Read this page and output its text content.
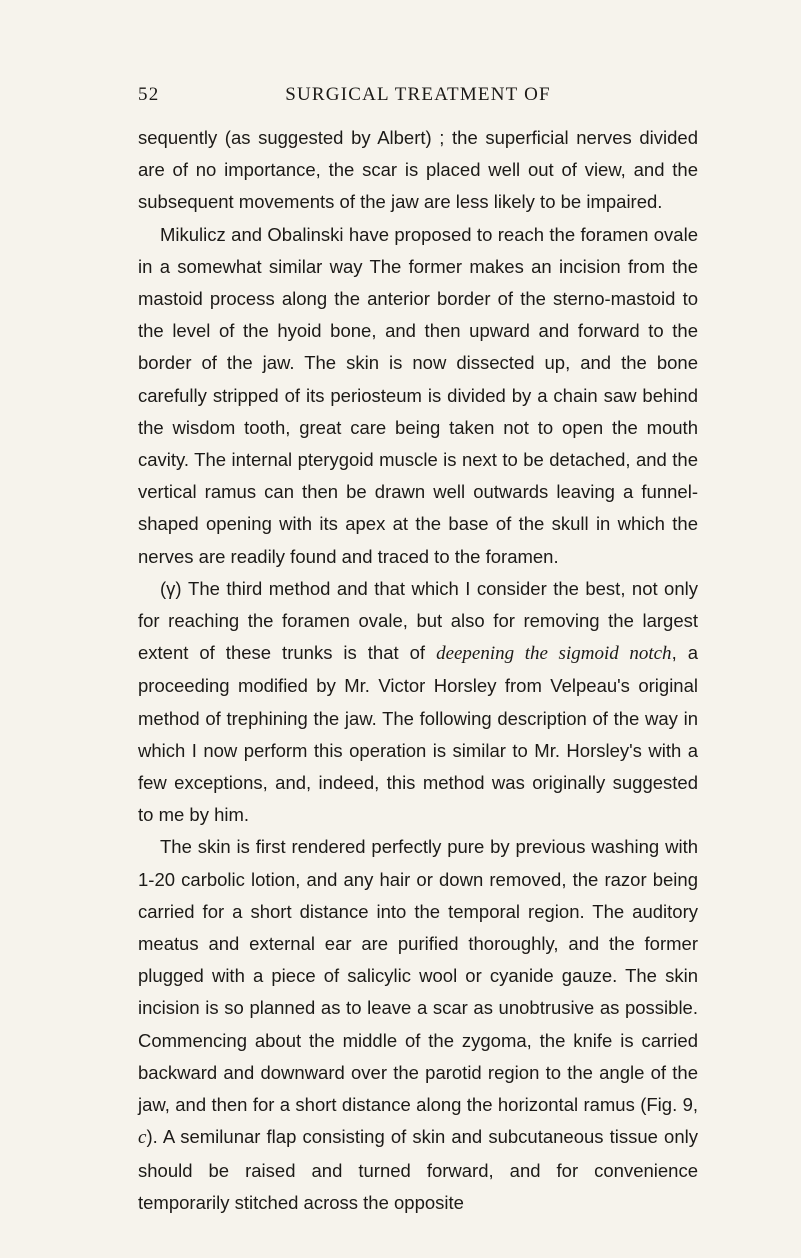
52	SURGICAL TREATMENT OF

sequently (as suggested by Albert) ; the superficial nerves divided are of no importance, the scar is placed well out of view, and the subsequent movements of the jaw are less likely to be impaired.

Mikulicz and Obalinski have proposed to reach the foramen ovale in a somewhat similar way The former makes an incision from the mastoid process along the anterior border of the sterno-mastoid to the level of the hyoid bone, and then upward and forward to the border of the jaw. The skin is now dissected up, and the bone carefully stripped of its periosteum is divided by a chain saw behind the wisdom tooth, great care being taken not to open the mouth cavity. The internal pterygoid muscle is next to be detached, and the vertical ramus can then be drawn well outwards leaving a funnel-shaped opening with its apex at the base of the skull in which the nerves are readily found and traced to the foramen.

(γ) The third method and that which I consider the best, not only for reaching the foramen ovale, but also for removing the largest extent of these trunks is that of deepening the sigmoid notch, a proceeding modified by Mr. Victor Horsley from Velpeau's original method of trephining the jaw. The following description of the way in which I now perform this operation is similar to Mr. Horsley's with a few exceptions, and, indeed, this method was originally suggested to me by him.

The skin is first rendered perfectly pure by previous washing with 1-20 carbolic lotion, and any hair or down removed, the razor being carried for a short distance into the temporal region. The auditory meatus and external ear are purified thoroughly, and the former plugged with a piece of salicylic wool or cyanide gauze. The skin incision is so planned as to leave a scar as unobtrusive as possible. Commencing about the middle of the zygoma, the knife is carried backward and downward over the parotid region to the angle of the jaw, and then for a short distance along the horizontal ramus (Fig. 9, c). A semilunar flap consisting of skin and subcutaneous tissue only should be raised and turned forward, and for convenience temporarily stitched across the opposite
